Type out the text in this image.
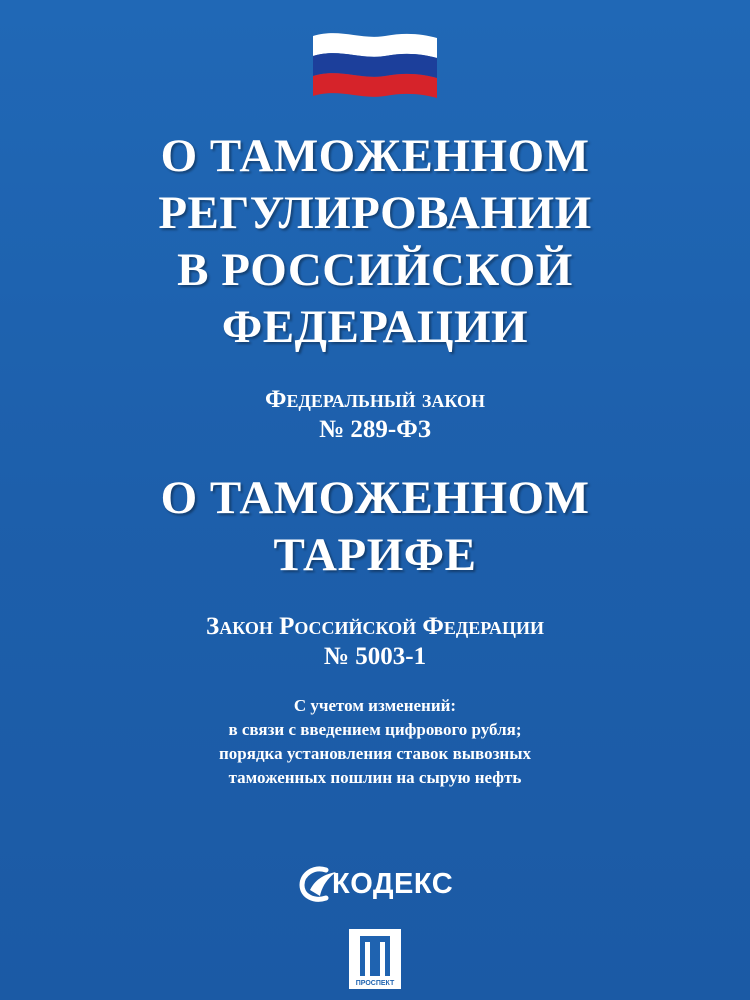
О ТАМОЖЕННОМ
РЕГУЛИРОВАНИИ
В РОССИЙСКОЙ
ФЕДЕРАЦИИ
Федеральный закон
№ 289-ФЗ
О ТАМОЖЕННОМ
ТАРИФЕ
Закон Российской Федерации
№ 5003-1
С учетом изменений:
в связи с введением цифрового рубля;
порядка установления ставок вывозных
таможенных пошлин на сырую нефть
КОДЕКС
ПРОСПЕКТ
